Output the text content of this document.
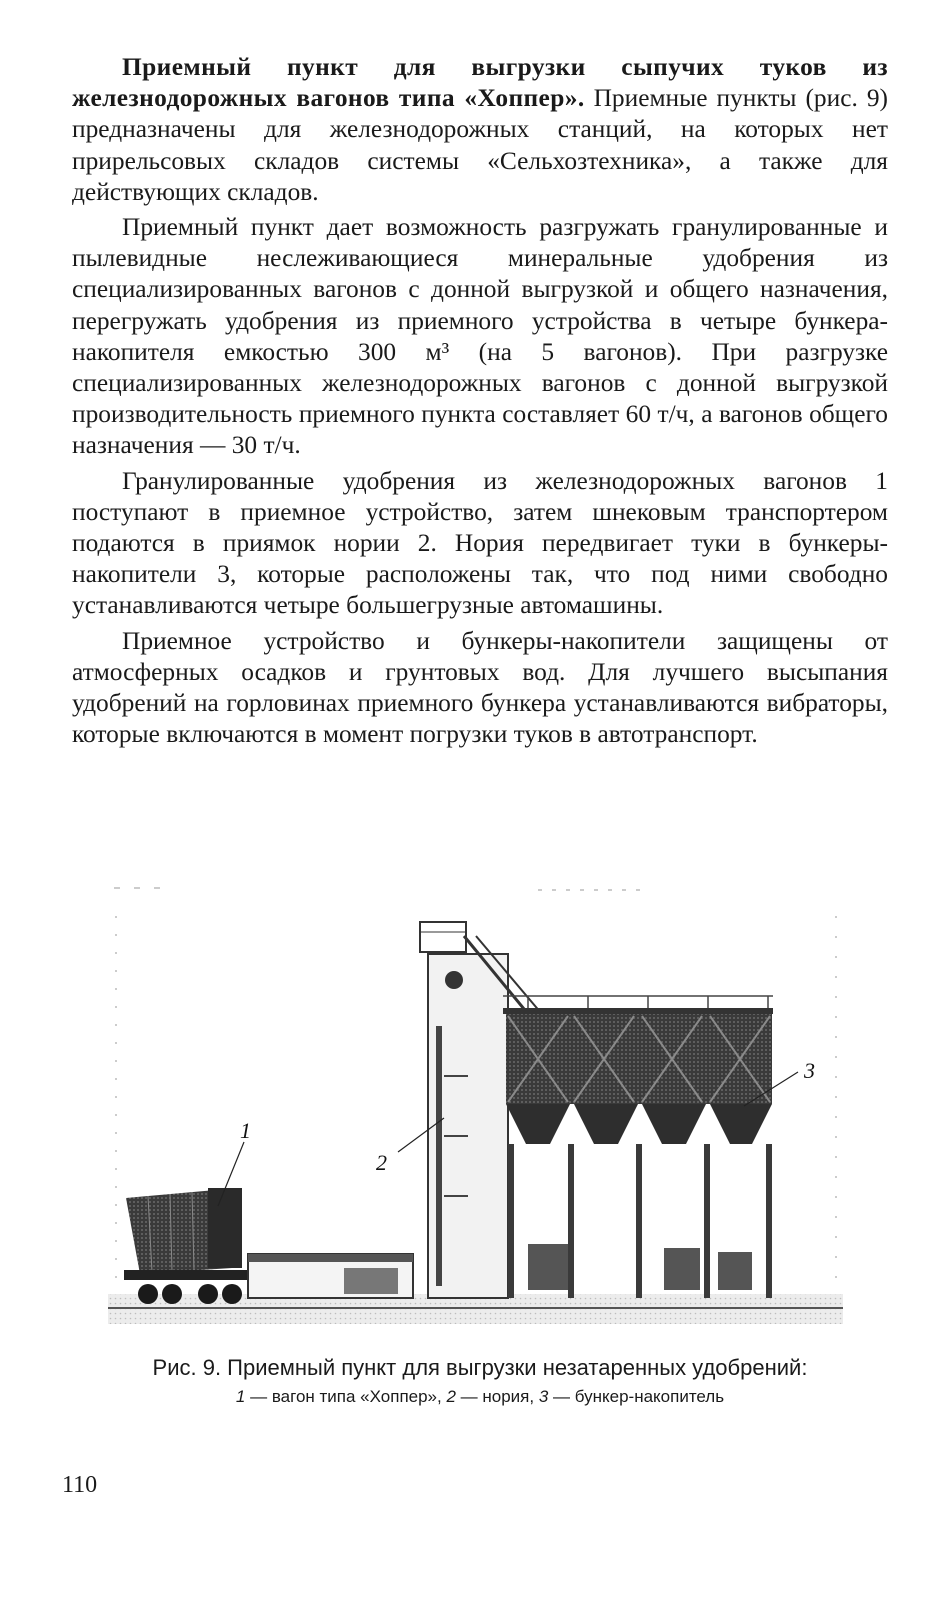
Приемный пункт для выгрузки сыпучих туков из железнодорожных вагонов типа «Хоппер». Приемные пункты (рис. 9) предназначены для железнодорожных станций, на которых нет прирельсовых складов системы «Сельхозтехника», а также для действующих складов.

Приемный пункт дает возможность разгружать гранулированные и пылевидные неслеживающиеся минеральные удобрения из специализированных вагонов с донной выгрузкой и общего назначения, перегружать удобрения из приемного устройства в четыре бункера-накопителя емкостью 300 м³ (на 5 вагонов). При разгрузке специализированных железнодорожных вагонов с донной выгрузкой производительность приемного пункта составляет 60 т/ч, а вагонов общего назначения — 30 т/ч.

Гранулированные удобрения из железнодорожных вагонов 1 поступают в приемное устройство, затем шнековым транспортером подаются в приямок нории 2. Нория передвигает туки в бункеры-накопители 3, которые расположены так, что под ними свободно устанавливаются четыре большегрузные автомашины.

Приемное устройство и бункеры-накопители защищены от атмосферных осадков и грунтовых вод. Для лучшего высыпания удобрений на горловинах приемного бункера устанавливаются вибраторы, которые включаются в момент погрузки туков в автотранспорт.

1
2
3

Рис. 9. Приемный пункт для выгрузки незатаренных удобрений:

1 — вагон типа «Хоппер», 2 — нория, 3 — бункер-накопитель

110
